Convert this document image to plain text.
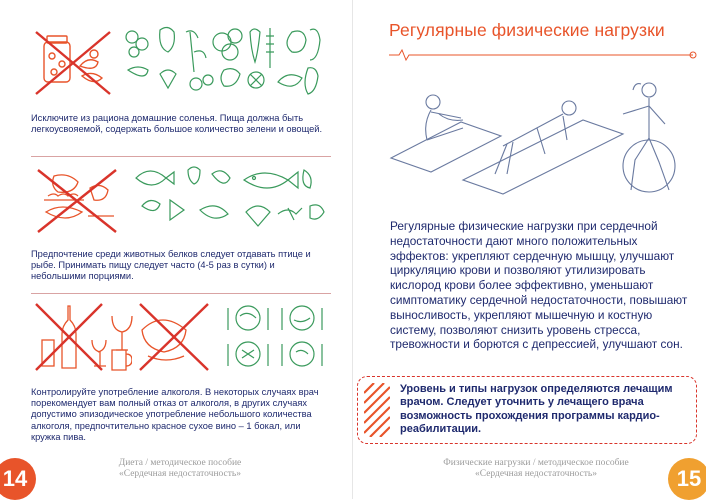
Исключите из рациона домашние соленья. Пища должна быть легкоусвояемой, содержать большое количество зелени и овощей.

Предпочтение среди животных белков следует отдавать птице и рыбе. Принимать пищу следует часто (4-5 раз в сутки) и небольшими порциями.

Контролируйте употребление алкоголя. В некоторых случаях врач порекомендует вам полный отказ от алкоголя, в других случаях допустимо эпизодическое употребление небольшого количества алкоголя, предпочтительно красное сухое вино – 1 бокал, или кружка пива.

Диета / методическое пособие
«Сердечная недостаточность»
14
Регулярные физические нагрузки

Регулярные физические нагрузки при сердечной недостаточности дают много положительных эффектов: укрепляют сердечную мышцу, улучшают циркуляцию крови и позволяют утилизировать кислород крови более эффективно, уменьшают симптоматику сердечной недостаточности, повышают выносливость, укрепляют мышечную и костную систему, позволяют снизить уровень стресса, тревожности и борются с депрессией, улучшают сон.

Уровень и типы нагрузок определяются лечащим врачом. Следует уточнить у лечащего врача возможность прохождения программы кардио-реабилитации.
Физические нагрузки / методическое пособие
«Сердечная недостаточность»	15
